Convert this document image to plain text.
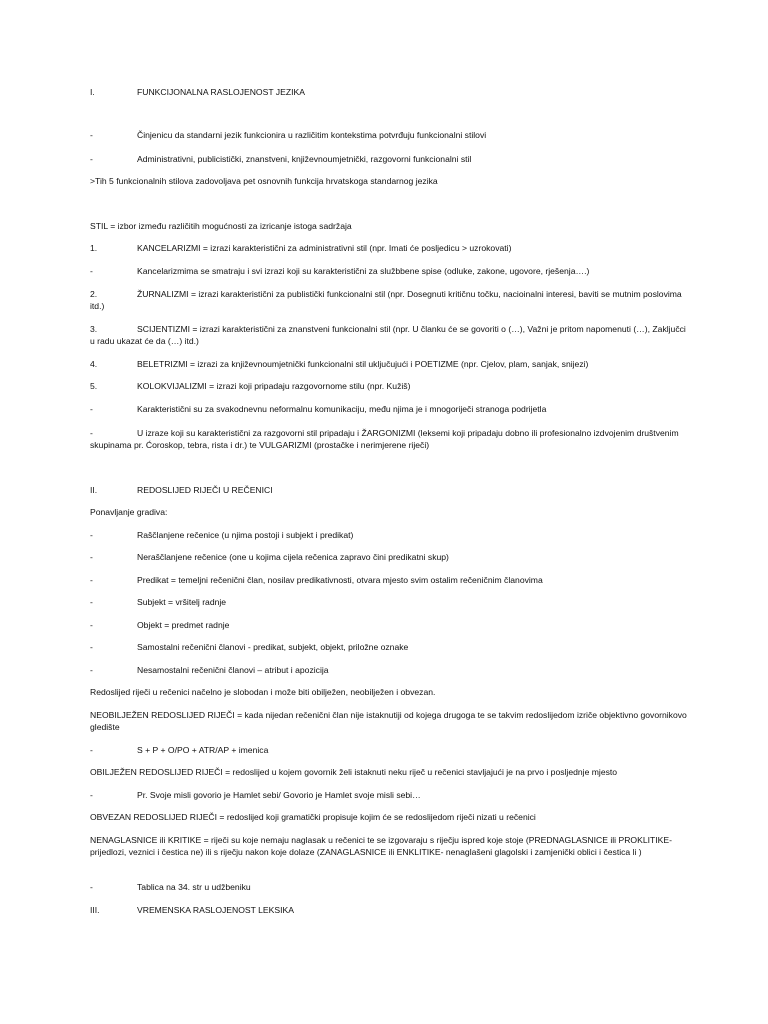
I.	FUNKCIJONALNA RASLOJENOST JEZIKA
-	Činjenicu da standarni jezik funkcionira u različitim kontekstima potvrđuju funkcionalni stilovi
-	Administrativni, publicistički, znanstveni, književnoumjetnički, razgovorni funkcionalni stil
>Tih 5 funkcionalnih stilova zadovoljava pet osnovnih funkcija hrvatskoga standarnog jezika
STIL = izbor između različitih mogućnosti za izricanje istoga sadržaja
1.	KANCELARIZMI = izrazi karakteristični za administrativni stil (npr. Imati će posljedicu > uzrokovati)
-	Kancelarizmima se smatraju i svi izrazi koji su karakteristični za službbene spise (odluke, zakone, ugovore, rješenja….)
2.	ŽURNALIZMI = izrazi karakteristični za publistički funkcionalni stil (npr. Dosegnuti kritičnu točku, nacioinalni interesi, baviti se mutnim poslovima itd.)
3.	SCIJENTIZMI = izrazi karakteristični za znanstveni funkcionalni stil (npr. U članku će se govoriti o (…), Važni je pritom napomenuti (…), Zaključci u radu ukazat će da (…) itd.)
4.	BELETRIZMI = izrazi za književnoumjetnički funkcionalni stil uključujući i POETIZME (npr. Cjelov, plam, sanjak, snijezi)
5.	KOLOKVIJALIZMI = izrazi koji pripadaju razgovornome stilu (npr. Kužiš)
-	Karakteristični su za svakodnevnu neformalnu komunikaciju, među njima je i mnogoriječi stranoga podrijetla
-	U izraze koji su karakteristični za razgovorni stil pripadaju i ŽARGONIZMI (leksemi koji pripadaju dobno ili profesionalno izdvojenim društvenim skupinama pr. Ćoroskop, tebra, rista i dr.) te VULGARIZMI (prostačke i nerimjerene riječi)
II.	REDOSLIJED RIJEČI U REČENICI
Ponavljanje gradiva:
-	Raščlanjene rečenice (u njima postoji i subjekt i predikat)
-	Neraščlanjene rečenice (one u kojima cijela rečenica zapravo čini predikatni skup)
-	Predikat = temeljni rečenični član, nosilav predikativnosti, otvara mjesto svim ostalim rečeničnim članovima
-	Subjekt = vršitelj radnje
-	Objekt = predmet radnje
-	Samostalni rečenični članovi - predikat, subjekt, objekt, priložne oznake
-	Nesamostalni rečenični članovi – atribut i apozicija
Redoslijed riječi u rečenici načelno je slobodan i može biti obilježen, neobilježen i obvezan.
NEOBILJEŽEN REDOSLIJED RIJEČI = kada nijedan rečenični član nije istaknutiji od kojega drugoga te se takvim redoslijedom izriče objektivno govornikovo gledište
-	S + P + O/PO + ATR/AP + imenica
OBILJEŽEN REDOSLIJED RIJEČI = redoslijed u kojem govornik želi istaknuti neku riječ u rečenici stavljajući je na prvo i posljednje mjesto
-	Pr. Svoje misli govorio je Hamlet sebi/ Govorio je Hamlet svoje misli sebi…
OBVEZAN REDOSLIJED RIJEČI = redoslijed koji gramatički propisuje kojim će se redoslijedom riječi nizati u rečenici
NENAGLASNICE ili KRITIKE = riječi su koje nemaju naglasak u rečenici te se izgovaraju s riječju ispred koje stoje (PREDNAGLASNICE ili PROKLITIKE- prijedlozi, veznici i čestica ne) ili s riječju nakon koje dolaze (ZANAGLASNICE ili ENKLITIKE- nenaglašeni glagolski i zamjenički oblici i čestica li )
-	Tablica na 34. str u udžbeniku
III.	VREMENSKA RASLOJENOST LEKSIKA
